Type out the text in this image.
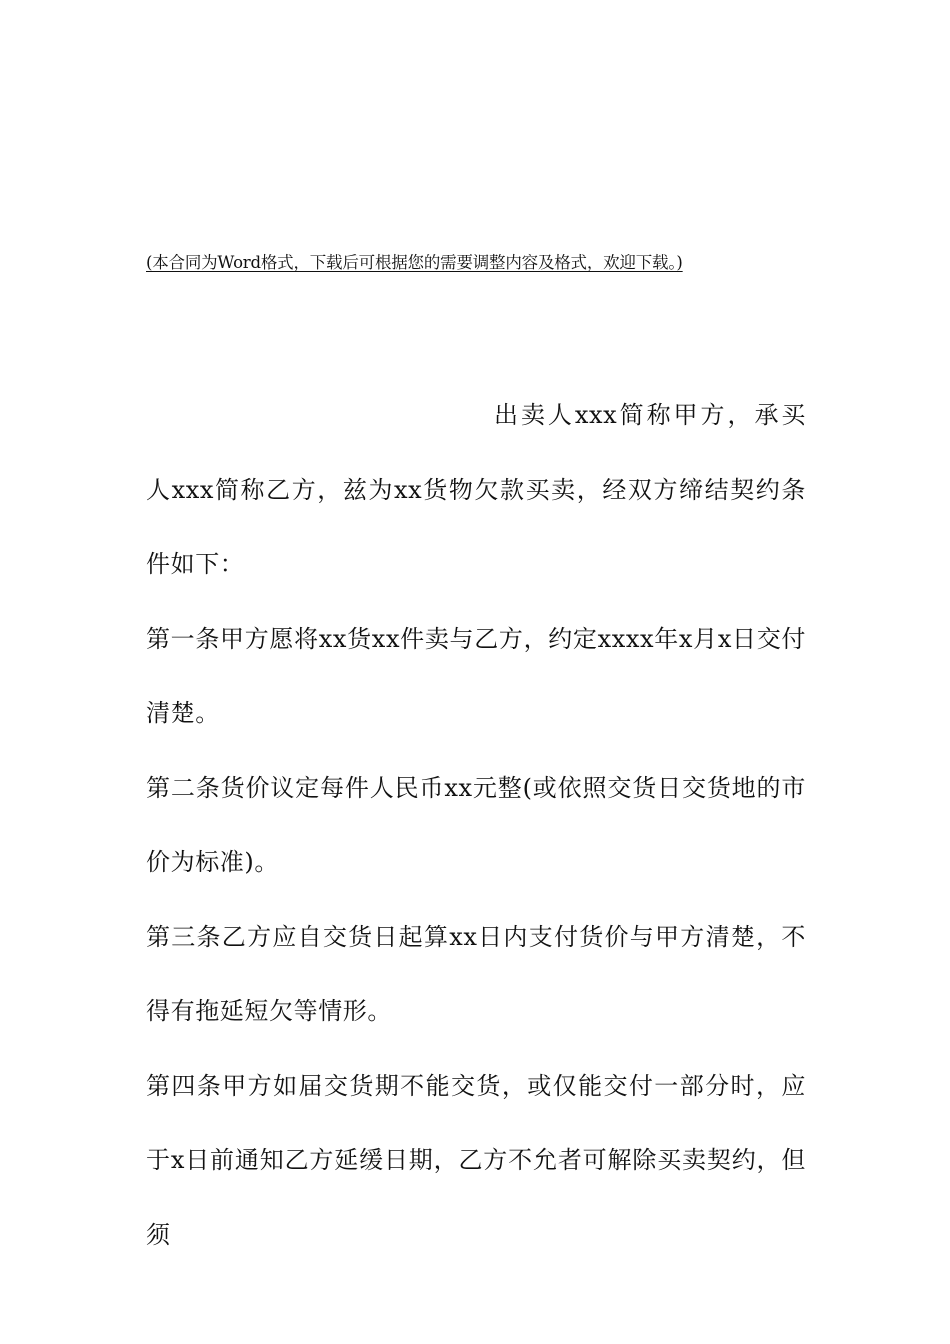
(本合同为Word格式，下载后可根据您的需要调整内容及格式，欢迎下载。)

出卖人xxx简称甲方，承买人xxx简称乙方，兹为xx货物欠款买卖，经双方缔结契约条件如下：

第一条甲方愿将xx货xx件卖与乙方，约定xxxx年x月x日交付清楚。

第二条货价议定每件人民币xx元整(或依照交货日交货地的市价为标准)。

第三条乙方应自交货日起算xx日内支付货价与甲方清楚，不得有拖延短欠等情形。

第四条甲方如届交货期不能交货，或仅能交付一部分时，应于x日前通知乙方延缓日期，乙方不允者可解除买卖契约，但须
